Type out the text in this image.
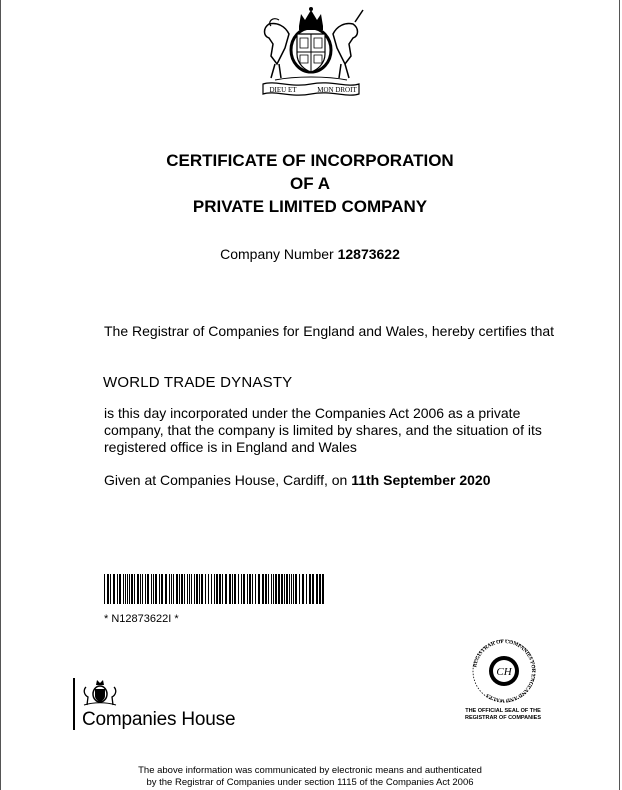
DIEU ET	MON DROIT
CERTIFICATE OF INCORPORATION
OF A
PRIVATE LIMITED COMPANY
Company Number 12873622
The Registrar of Companies for England and Wales, hereby certifies that
WORLD TRADE DYNASTY
is this day incorporated under the Companies Act 2006 as a private company, that the company is limited by shares, and the situation of its registered office is in England and Wales
Given at Companies House, Cardiff, on 11th September 2020
* N12873622I *
Companies House
REGISTRAR OF COMPANIES FOR ENGLAND AND WALES
CH
THE OFFICIAL SEAL OF THE
REGISTRAR OF COMPANIES
The above information was communicated by electronic means and authenticated
by the Registrar of Companies under section 1115 of the Companies Act 2006
